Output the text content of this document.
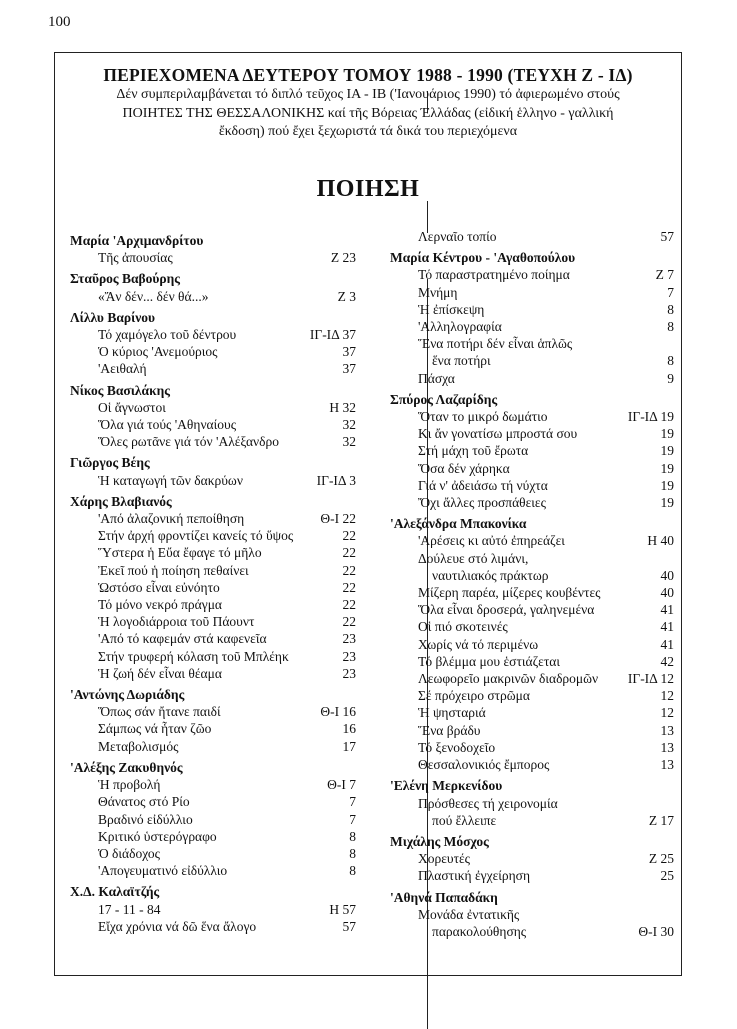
100
ΠΕΡΙΕΧΟΜΕΝΑ ΔΕΥΤΕΡΟΥ ΤΟΜΟΥ 1988 - 1990 (ΤΕΥΧΗ Ζ - ΙΔ)
Δέν συμπεριλαμβάνεται τό διπλό τεῦχος ΙΑ - ΙΒ ('Ιανουάριος 1990) τό ἀφιερωμένο στούς
ΠΟΙΗΤΕΣ ΤΗΣ ΘΕΣΣΑΛΟΝΙΚΗΣ καί τῆς Βόρειας Έλλάδας (εἰδική ἑλληνο - γαλλική
ἔκδοση) πού ἔχει ξεχωριστά τά δικά του περιεχόμενα
ΠΟΙΗΣΗ
Μαρία 'Αρχιμανδρίτου
Τῆς ἀπουσίας	Ζ 23
Σταῦρος Βαβούρης
«Ἄν δέν... δέν θά...»	Ζ 3
Λίλλυ Βαρίνου
Τό χαμόγελο τοῦ δέντρου	ΙΓ-ΙΔ 37
Ὁ κύριος 'Ανεμούριος	37
'Αειθαλή	37
Νίκος Βασιλάκης
Οἱ ἄγνωστοι	Η 32
Ὅλα γιά τούς 'Αθηναίους	32
Ὅλες ρωτᾶνε γιά τόν 'Αλέξανδρο	32
Γιῶργος Βέης
Ἡ καταγωγή τῶν δακρύων	ΙΓ-ΙΔ 3
Χάρης Βλαβιανός
'Από ἀλαζονική πεποίθηση	Θ-Ι 22
Στήν ἀρχή φροντίζει κανείς τό ὕψος	22
Ὕστερα ἡ Εὔα ἔφαγε τό μῆλο	22
Ἐκεῖ πού ἡ ποίηση πεθαίνει	22
Ὡστόσο εἶναι εὐνόητο	22
Τό μόνο νεκρό πράγμα	22
Ἡ λογοδιάρροια τοῦ Πάουντ	22
'Από τό καφεμάν στά καφενεῖα	23
Στήν τρυφερή κόλαση τοῦ Μπλέηκ	23
Ἡ ζωή δέν εἶναι θέαμα	23
'Αντώνης Δωριάδης
Ὅπως σάν ἤτανε παιδί	Θ-Ι 16
Σάμπως νά ἦταν ζῶο	16
Μεταβολισμός	17
'Αλέξης Ζακυθηνός
Ἡ προβολή	Θ-Ι 7
Θάνατος στό Ρίο	7
Βραδινό εἰδύλλιο	7
Κριτικό ὑστερόγραφο	8
Ὁ διάδοχος	8
'Απογευματινό εἰδύλλιο	8
Χ.Δ. Καλαϊτζής
17 - 11 - 84	Η 57
Εἴχα χρόνια νά δῶ ἕνα ἄλογο	57
Λερναῖο τοπίο	57
Μαρία Κέντρου - 'Αγαθοπούλου
Τό παραστρατημένο ποίημα	Ζ 7
Μνήμη	7
Ἡ ἐπίσκεψη	8
'Αλληλογραφία	8
Ἕνα ποτήρι δέν εἶναι ἁπλῶς
ἕνα ποτήρι	8
Πάσχα	9
Σπύρος Λαζαρίδης
Ὅταν το μικρό δωμάτιο	ΙΓ-ΙΔ 19
Κι ἄν γονατίσω μπροστά σου	19
Στή μάχη τοῦ ἔρωτα	19
Ὅσα δέν χάρηκα	19
Γιά ν' ἀδειάσω τή νύχτα	19
Ὄχι ἄλλες προσπάθειες	19
'Αλεξάνδρα Μπακονίκα
'Αρέσεις κι αὐτό ἐπηρεάζει	Η 40
Δούλευε στό λιμάνι,
ναυτιλιακός πράκτωρ	40
Μίζερη παρέα, μίζερες κουβέντες	40
Ὅλα εἶναι δροσερά, γαληνεμένα	41
Οἱ πιό σκοτεινές	41
Χωρίς νά τό περιμένω	41
Τό βλέμμα μου ἑστιάζεται	42
Λεωφορεῖο μακρινῶν διαδρομῶν	ΙΓ-ΙΔ 12
Σέ πρόχειρο στρῶμα	12
Ἡ ψησταριά	12
Ἕνα βράδυ	13
Τό ξενοδοχεῖο	13
Θεσσαλονικιός ἔμπορος	13
'Ελένη Μερκενίδου
Πρόσθεσες τή χειρονομία
πού ἔλλειπε	Ζ 17
Μιχάλης Μόσχος
Χορευτές	Ζ 25
Πλαστική ἐγχείρηση	25
'Αθηνά Παπαδάκη
Μονάδα ἐντατικῆς
παρακολούθησης	Θ-Ι 30
